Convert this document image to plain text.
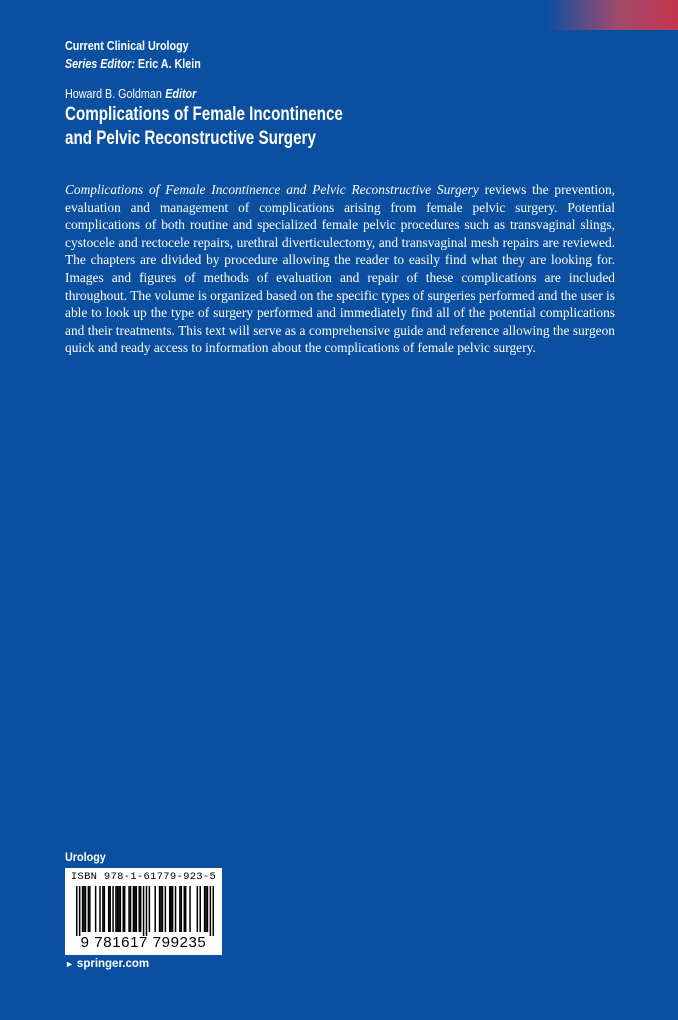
Current Clinical Urology
Series Editor: Eric A. Klein
Howard B. Goldman Editor
Complications of Female Incontinence
and Pelvic Reconstructive Surgery
Complications of Female Incontinence and Pelvic Reconstructive Surgery reviews the prevention, evaluation and management of complications arising from female pelvic surgery. Potential complications of both routine and specialized female pelvic procedures such as transvaginal slings, cystocele and rectocele repairs, urethral diverticulectomy, and transvaginal mesh repairs are reviewed. The chapters are divided by procedure allowing the reader to easily find what they are looking for. Images and figures of methods of evaluation and repair of these complications are included throughout. The volume is organized based on the specific types of surgeries performed and the user is able to look up the type of surgery performed and immediately find all of the potential complications and their treatments. This text will serve as a comprehensive guide and reference allowing the surgeon quick and ready access to information about the complications of female pelvic surgery.
Urology
ISBN 978-1-61779-923-5
9 781617 799235
► springer.com
